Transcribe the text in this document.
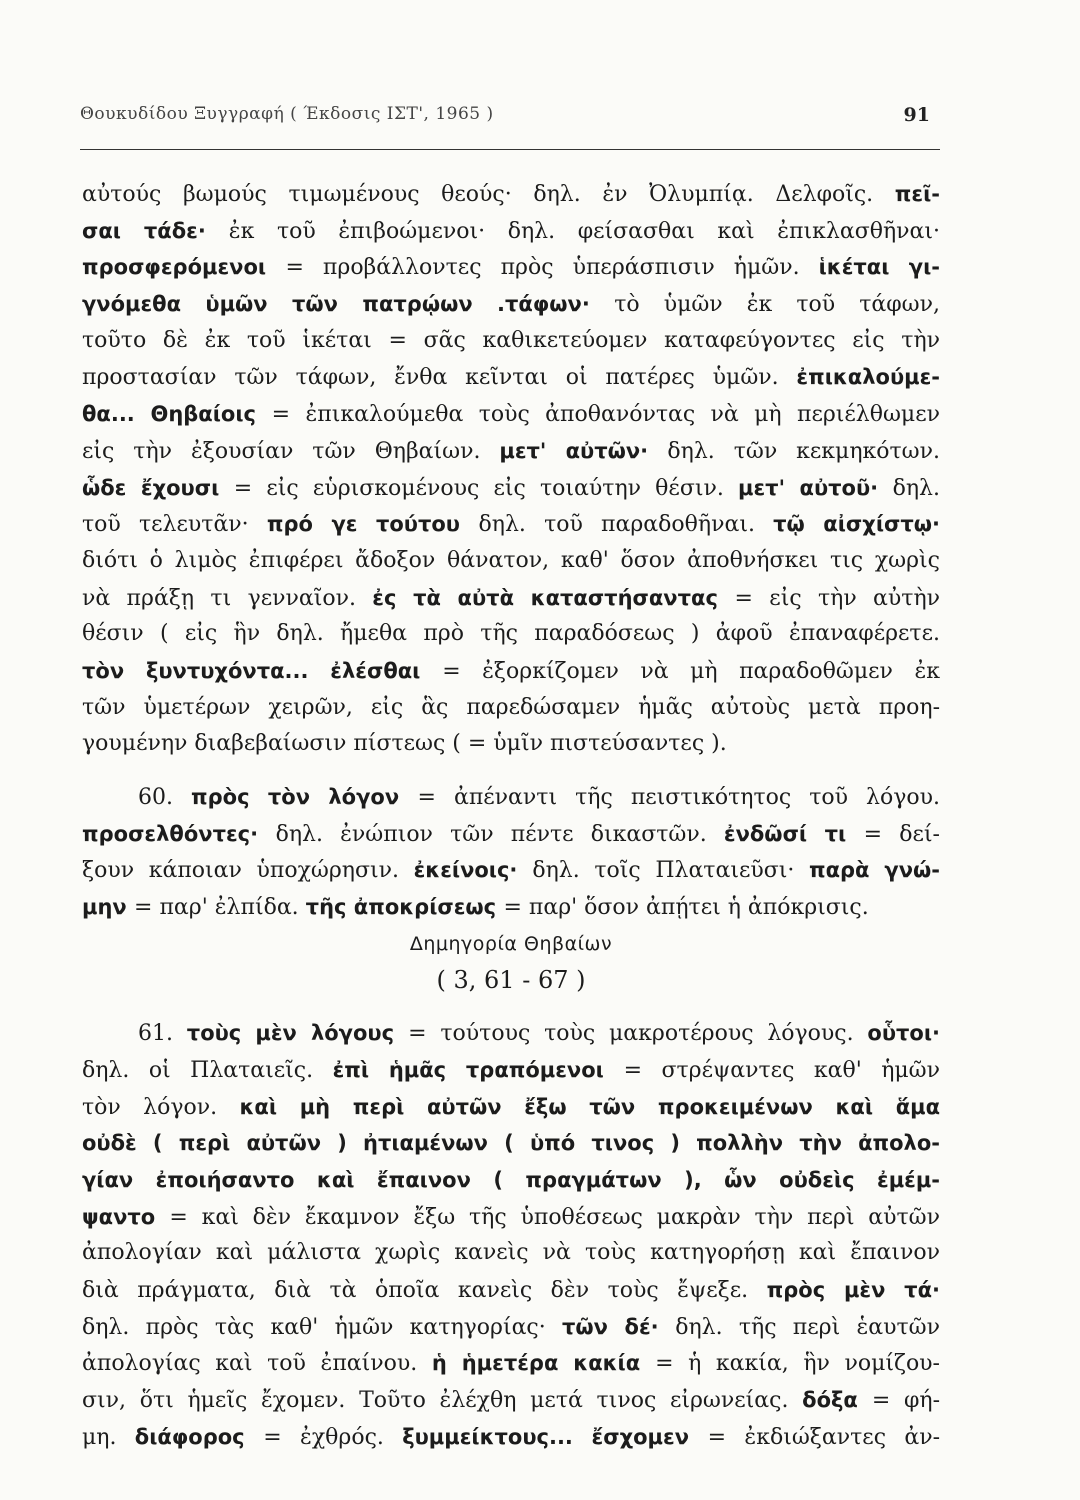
Θουκυδίδου Ξυγγραφή ( Έκδοσις ΙΣΤ', 1965 )	91
αὐτούς βωμούς τιμωμένους θεούς· δηλ. ἐν Ὀλυμπίᾳ. Δελφοῖς. πεῖ-
σαι τάδε· ἐκ τοῦ ἐπιβοώμενοι· δηλ. φείσασθαι καὶ ἐπικλασθῆναι·
προσφερόμενοι = προβάλλοντες πρὸς ὑπεράσπισιν ἡμῶν. ἱκέται γι-
γνόμεθα ὑμῶν τῶν πατρῴων .τάφων· τὸ ὑμῶν ἐκ τοῦ τάφων,
τοῦτο δὲ ἐκ τοῦ ἱκέται = σᾶς καθικετεύομεν καταφεύγοντες εἰς τὴν
προστασίαν τῶν τάφων, ἔνθα κεῖνται οἱ πατέρες ὑμῶν. ἐπικαλούμε-
θα... Θηβαίοις = ἐπικαλούμεθα τοὺς ἀποθανόντας νὰ μὴ περιέλθωμεν
εἰς τὴν ἐξουσίαν τῶν Θηβαίων. μετ' αὐτῶν· δηλ. τῶν κεκμηκότων.
ὧδε ἔχουσι = εἰς εὑρισκομένους εἰς τοιαύτην θέσιν. μετ' αὐτοῦ· δηλ.
τοῦ τελευτᾶν· πρό γε τούτου δηλ. τοῦ παραδοθῆναι. τῷ αἰσχίστῳ·
διότι ὁ λιμὸς ἐπιφέρει ἄδοξον θάνατον, καθ' ὅσον ἀποθνήσκει τις χωρὶς
νὰ πράξῃ τι γενναῖον. ἐς τὰ αὐτὰ καταστήσαντας = εἰς τὴν αὐτὴν
θέσιν ( εἰς ἣν δηλ. ἤμεθα πρὸ τῆς παραδόσεως ) ἀφοῦ ἐπαναφέρετε.
τὸν ξυντυχόντα... ἐλέσθαι = ἐξορκίζομεν νὰ μὴ παραδοθῶμεν ἐκ
τῶν ὑμετέρων χειρῶν, εἰς ἃς παρεδώσαμεν ἡμᾶς αὐτοὺς μετὰ προη-
γουμένην διαβεβαίωσιν πίστεως ( = ὑμῖν πιστεύσαντες ).
60. πρὸς τὸν λόγον = ἀπέναντι τῆς πειστικότητος τοῦ λόγου.
προσελθόντες· δηλ. ἐνώπιον τῶν πέντε δικαστῶν. ἐνδῶσί τι = δεί-
ξουν κάποιαν ὑποχώρησιν. ἐκείνοις· δηλ. τοῖς Πλαταιεῦσι· παρὰ γνώ-
μην = παρ' ἐλπίδα. τῆς ἀποκρίσεως = παρ' ὅσον ἀπῄτει ἡ ἀπόκρισις.
Δημηγορία Θηβαίων
( 3, 61 - 67 )
61. τοὺς μὲν λόγους = τούτους τοὺς μακροτέρους λόγους. οὗτοι·
δηλ. οἱ Πλαταιεῖς. ἐπὶ ἡμᾶς τραπόμενοι = στρέψαντες καθ' ἡμῶν
τὸν λόγον. καὶ μὴ περὶ αὐτῶν ἔξω τῶν προκειμένων καὶ ἅμα
οὐδὲ ( περὶ αὐτῶν ) ἠτιαμένων ( ὑπό τινος ) πολλὴν τὴν ἀπολο-
γίαν ἐποιήσαντο καὶ ἔπαινον ( πραγμάτων ), ὧν οὐδεὶς ἐμέμ-
ψαντο = καὶ δὲν ἔκαμνον ἔξω τῆς ὑποθέσεως μακρὰν τὴν περὶ αὐτῶν
ἀπολογίαν καὶ μάλιστα χωρὶς κανεὶς νὰ τοὺς κατηγορήσῃ καὶ ἔπαινον
διὰ πράγματα, διὰ τὰ ὁποῖα κανεὶς δὲν τοὺς ἔψεξε. πρὸς μὲν τά·
δηλ. πρὸς τὰς καθ' ἡμῶν κατηγορίας· τῶν δέ· δηλ. τῆς περὶ ἑαυτῶν
ἀπολογίας καὶ τοῦ ἐπαίνου. ἡ ἡμετέρα κακία = ἡ κακία, ἣν νομίζου-
σιν, ὅτι ἡμεῖς ἔχομεν. Τοῦτο ἐλέχθη μετά τινος εἰρωνείας. δόξα = φή-
μη. διάφορος = ἐχθρός. ξυμμείκτους... ἔσχομεν = ἐκδιώξαντες ἀν-
